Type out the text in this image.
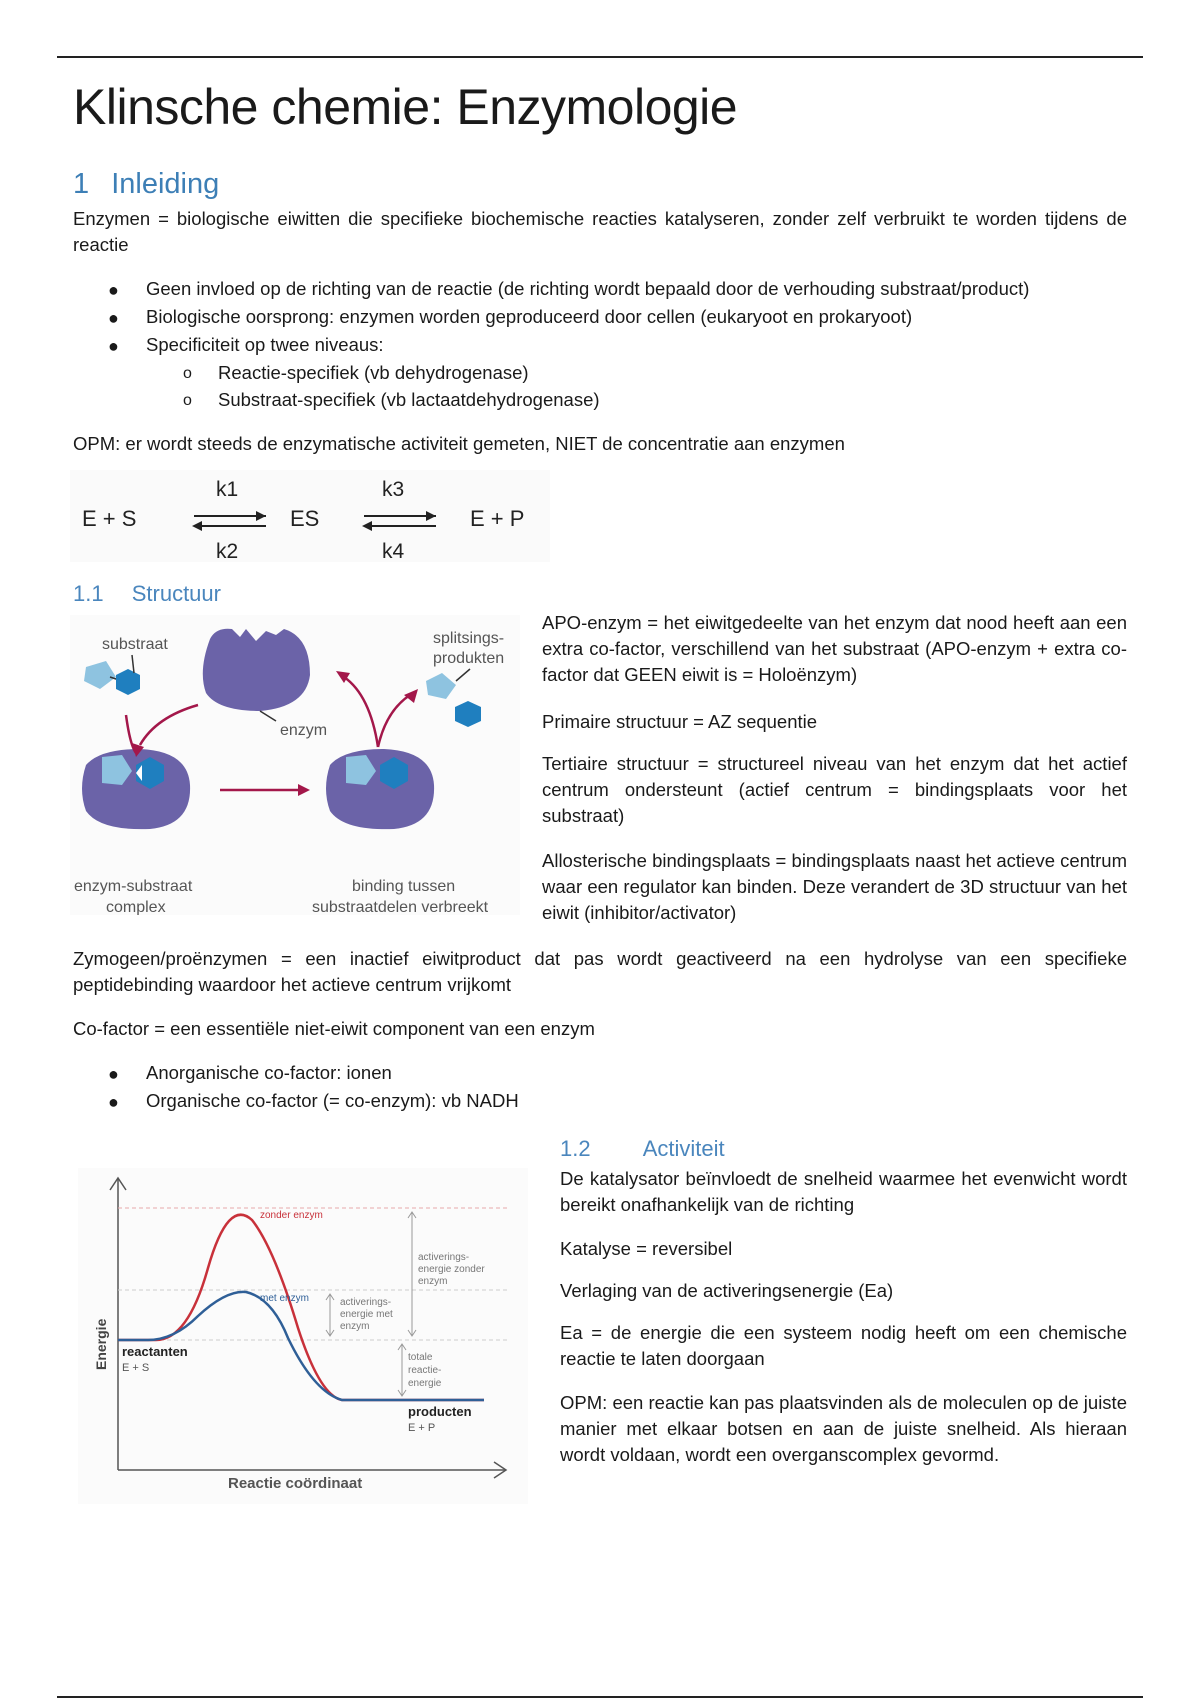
Klinsche chemie: Enzymologie
1 Inleiding
Enzymen = biologische eiwitten die specifieke biochemische reacties katalyseren, zonder zelf verbruikt te worden tijdens de reactie
● Geen invloed op de richting van de reactie (de richting wordt bepaald door de verhouding substraat/product)
● Biologische oorsprong: enzymen worden geproduceerd door cellen (eukaryoot en prokaryoot)
● Specificiteit op twee niveaus:
o Reactie-specifiek (vb dehydrogenase)
o Substraat-specifiek (vb lactaatdehydrogenase)
OPM: er wordt steeds de enzymatische activiteit gemeten, NIET de concentratie aan enzymen
E + S
k1
k2
ES
k3
k4
E + P
1.1 Structuur
substraat
enzym
splitsings-
produkten
enzym-substraat
complex
binding tussen
substraatdelen verbreekt
APO-enzym = het eiwitgedeelte van het enzym dat nood heeft aan een extra co-factor, verschillend van het substraat (APO-enzym + extra co-factor dat GEEN eiwit is = Holoënzym)
Primaire structuur = AZ sequentie
Tertiaire structuur = structureel niveau van het enzym dat het actief centrum ondersteunt (actief centrum = bindingsplaats voor het substraat)
Allosterische bindingsplaats = bindingsplaats naast het actieve centrum waar een regulator kan binden. Deze verandert de 3D structuur van het eiwit (inhibitor/activator)
Zymogeen/proënzymen = een inactief eiwitproduct dat pas wordt geactiveerd na een hydrolyse van een specifieke peptidebinding waardoor het actieve centrum vrijkomt
Co-factor = een essentiële niet-eiwit component van een enzym
● Anorganische co-factor: ionen
● Organische co-factor (= co-enzym): vb NADH
1.2 Activiteit
Energie
Reactie coördinaat
zonder enzym
met enzym	activerings-
energie met
enzym
activerings-
energie zonder
enzym
totale
reactie-
energie
reactanten
E + S
producten
E + P
De katalysator beïnvloedt de snelheid waarmee het evenwicht wordt bereikt onafhankelijk van de richting
Katalyse = reversibel
Verlaging van de activeringsenergie (Ea)
Ea = de energie die een systeem nodig heeft om een chemische reactie te laten doorgaan
OPM: een reactie kan pas plaatsvinden als de moleculen op de juiste manier met elkaar botsen en aan de juiste snelheid. Als hieraan wordt voldaan, wordt een overganscomplex gevormd.
